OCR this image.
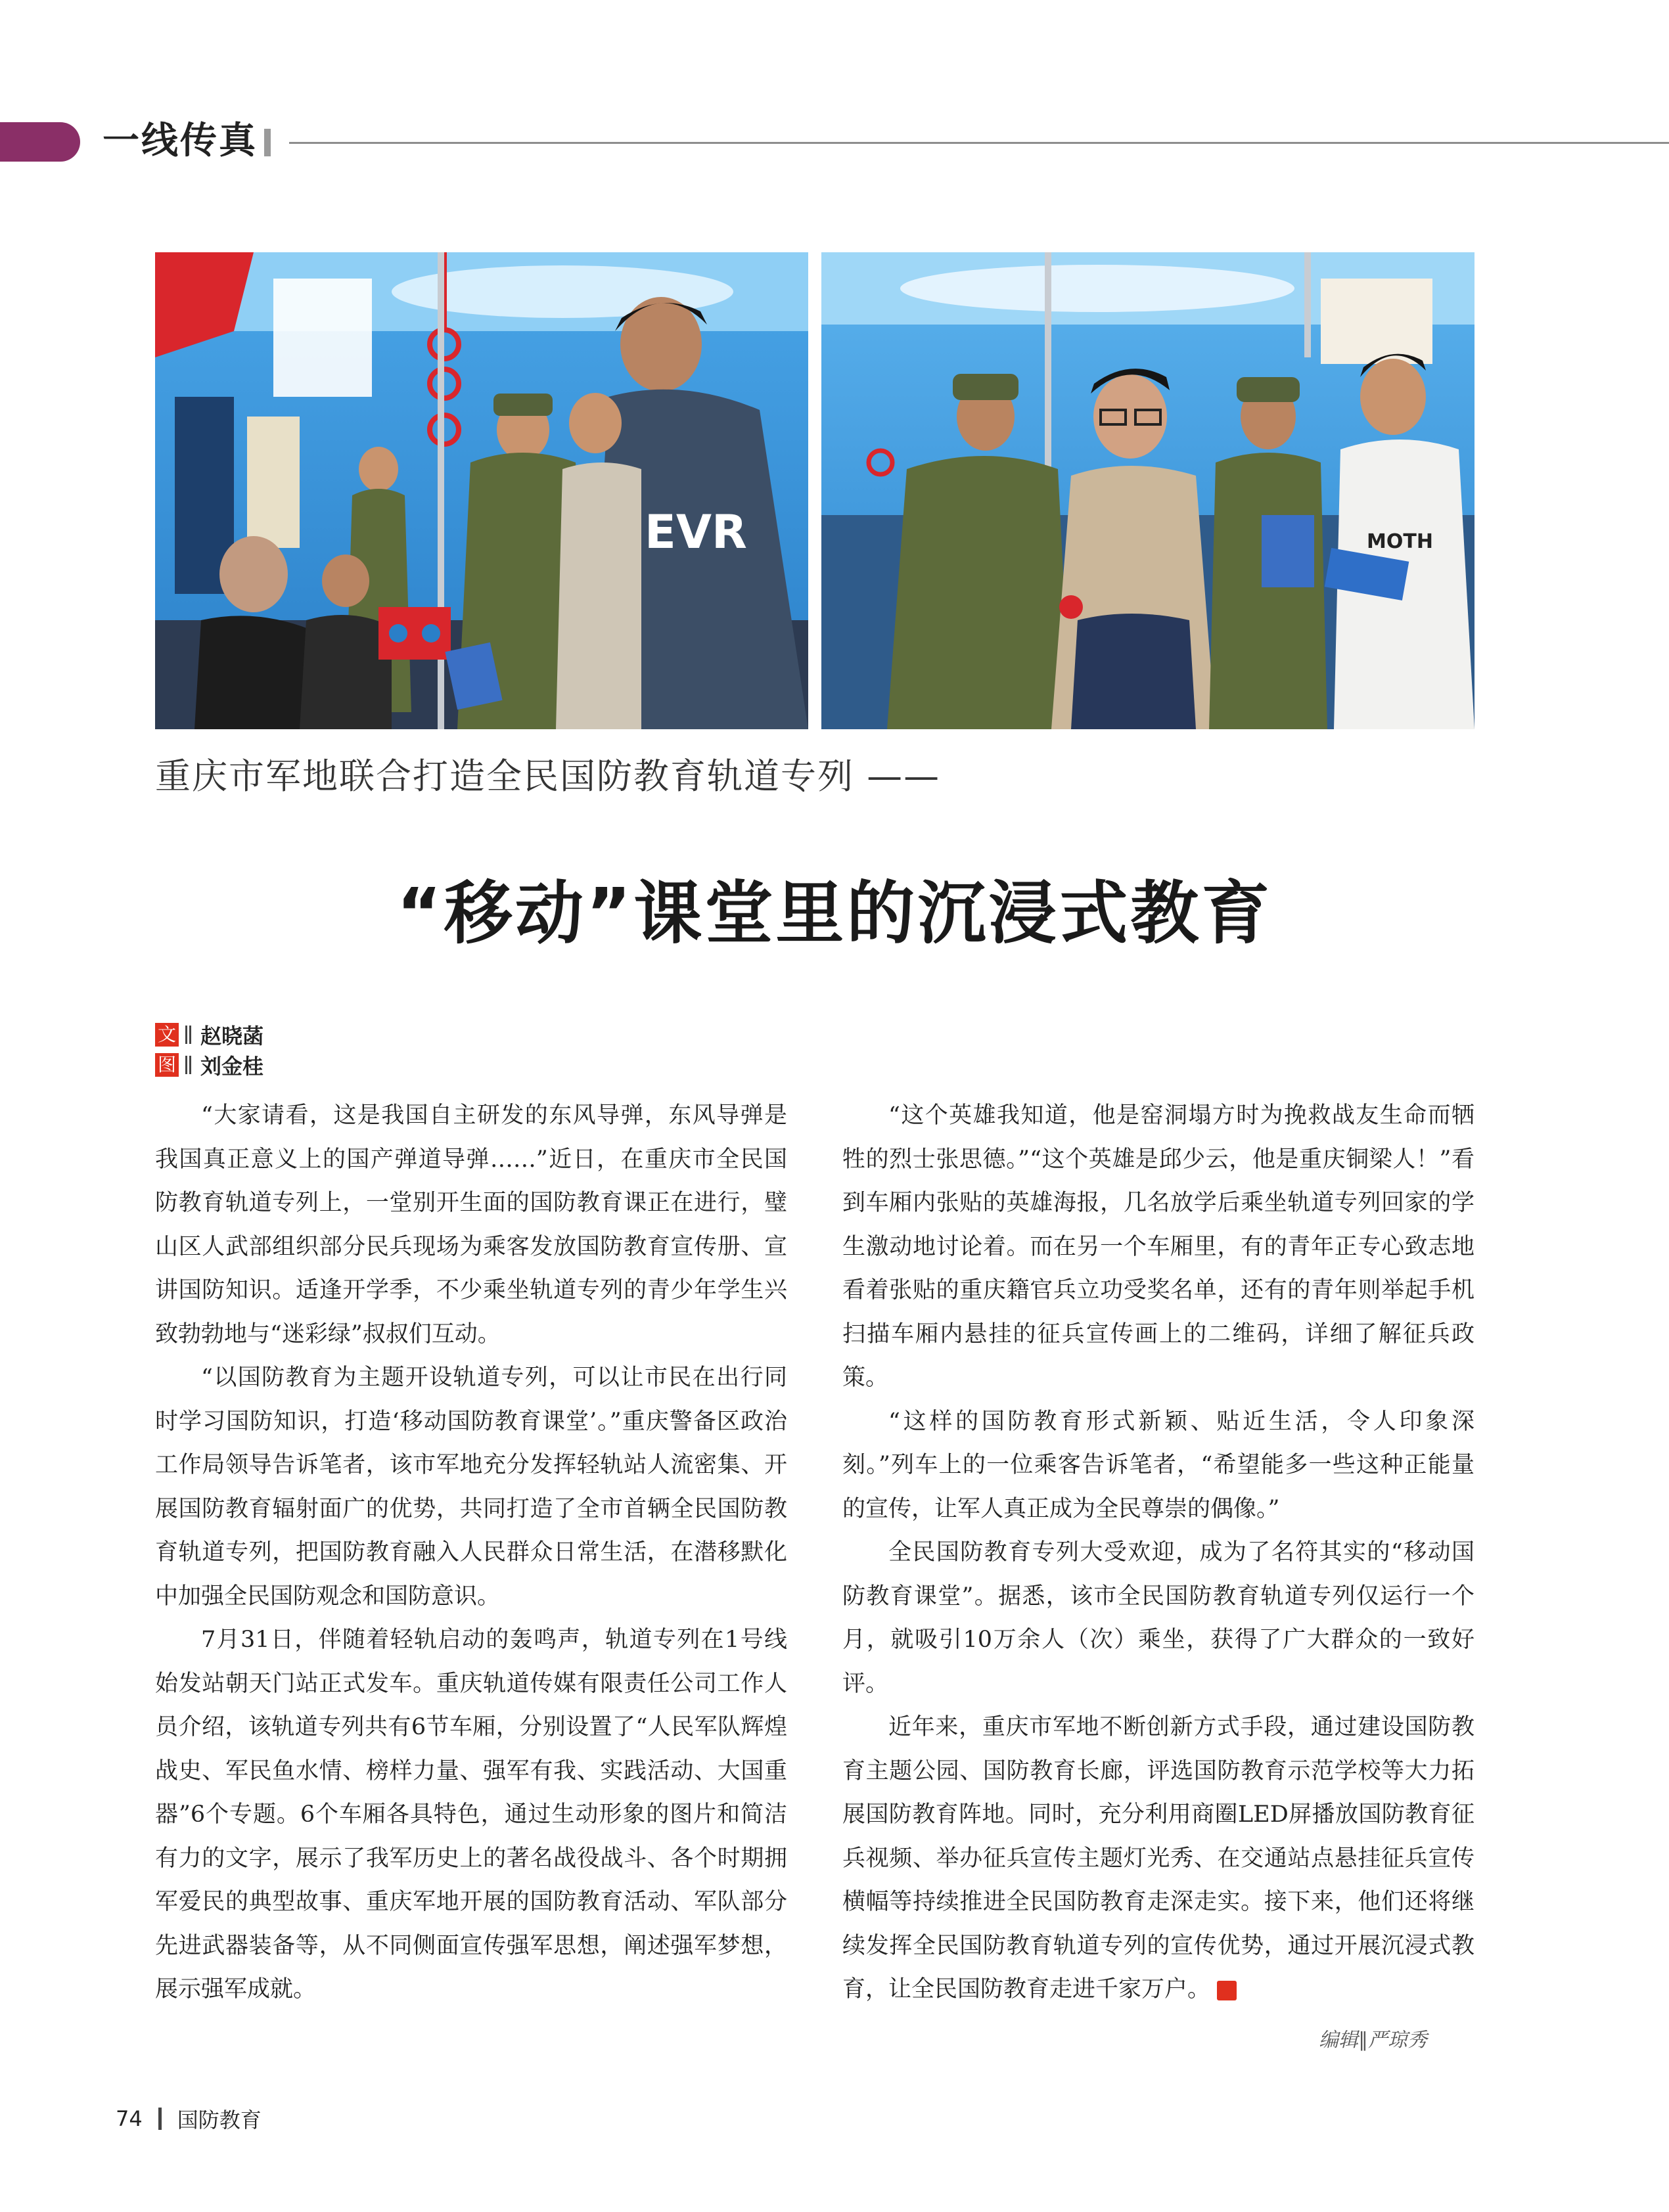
一线传真
EVR	MOTH
重庆市军地联合打造全民国防教育轨道专列 ——
“移动”课堂里的沉浸式教育
文 赵晓菡
图 刘金桂

“大家请看，这是我国自主研发的东风导弹，东风导弹是我国真正意义上的国产弹道导弹……”近日，在重庆市全民国防教育轨道专列上，一堂别开生面的国防教育课正在进行，璧山区人武部组织部分民兵现场为乘客发放国防教育宣传册、宣讲国防知识。适逢开学季，不少乘坐轨道专列的青少年学生兴致勃勃地与“迷彩绿”叔叔们互动。

“以国防教育为主题开设轨道专列，可以让市民在出行同时学习国防知识，打造‘移动国防教育课堂’。”重庆警备区政治工作局领导告诉笔者，该市军地充分发挥轻轨站人流密集、开展国防教育辐射面广的优势，共同打造了全市首辆全民国防教育轨道专列，把国防教育融入人民群众日常生活，在潜移默化中加强全民国防观念和国防意识。

7月31日，伴随着轻轨启动的轰鸣声，轨道专列在1号线始发站朝天门站正式发车。重庆轨道传媒有限责任公司工作人员介绍，该轨道专列共有6节车厢，分别设置了“人民军队辉煌战史、军民鱼水情、榜样力量、强军有我、实践活动、大国重器”6个专题。6个车厢各具特色，通过生动形象的图片和简洁有力的文字，展示了我军历史上的著名战役战斗、各个时期拥军爱民的典型故事、重庆军地开展的国防教育活动、军队部分先进武器装备等，从不同侧面宣传强军思想，阐述强军梦想，展示强军成就。

“这个英雄我知道，他是窑洞塌方时为挽救战友生命而牺牲的烈士张思德。”“这个英雄是邱少云，他是重庆铜梁人！”看到车厢内张贴的英雄海报，几名放学后乘坐轨道专列回家的学生激动地讨论着。而在另一个车厢里，有的青年正专心致志地看着张贴的重庆籍官兵立功受奖名单，还有的青年则举起手机扫描车厢内悬挂的征兵宣传画上的二维码，详细了解征兵政策。

“这样的国防教育形式新颖、贴近生活，令人印象深刻。”列车上的一位乘客告诉笔者，“希望能多一些这种正能量的宣传，让军人真正成为全民尊崇的偶像。”

全民国防教育专列大受欢迎，成为了名符其实的“移动国防教育课堂”。据悉，该市全民国防教育轨道专列仅运行一个月，就吸引10万余人（次）乘坐，获得了广大群众的一致好评。

近年来，重庆市军地不断创新方式手段，通过建设国防教育主题公园、国防教育长廊，评选国防教育示范学校等大力拓展国防教育阵地。同时，充分利用商圈LED屏播放国防教育征兵视频、举办征兵宣传主题灯光秀、在交通站点悬挂征兵宣传横幅等持续推进全民国防教育走深走实。接下来，他们还将继续发挥全民国防教育轨道专列的宣传优势，通过开展沉浸式教育，让全民国防教育走进千家万户。	G

编辑∥严琼秀
74 国防教育
